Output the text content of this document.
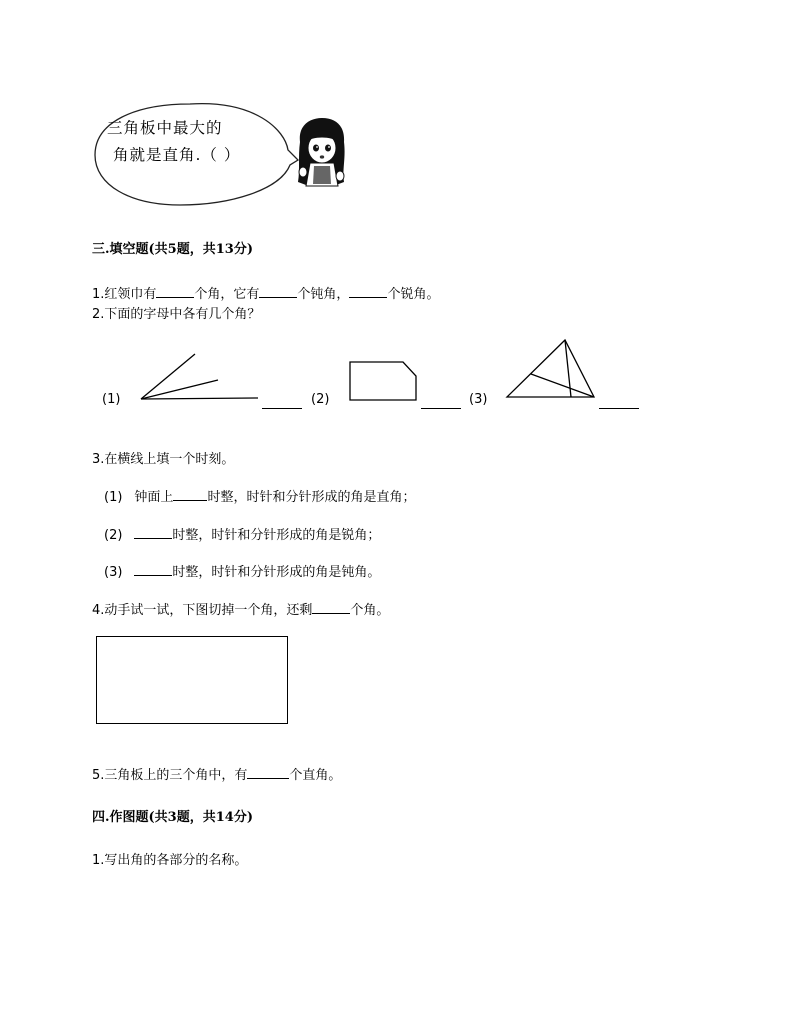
三角板中最大的
角就是直角.（ ）
三.填空题(共5题，共13分)
1.红领巾有	个角，它有	个钝角，	个锐角。
2.下面的字母中各有几个角？
(1)	(2)	(3)
3.在横线上填一个时刻。
(1) 钟面上	时整，时针和分针形成的角是直角；
(2)	时整，时针和分针形成的角是锐角；
(3)	时整，时针和分针形成的角是钝角。
4.动手试一试，下图切掉一个角，还剩	个角。
5.三角板上的三个角中，有	个直角。
四.作图题(共3题，共14分)
1.写出角的各部分的名称。
